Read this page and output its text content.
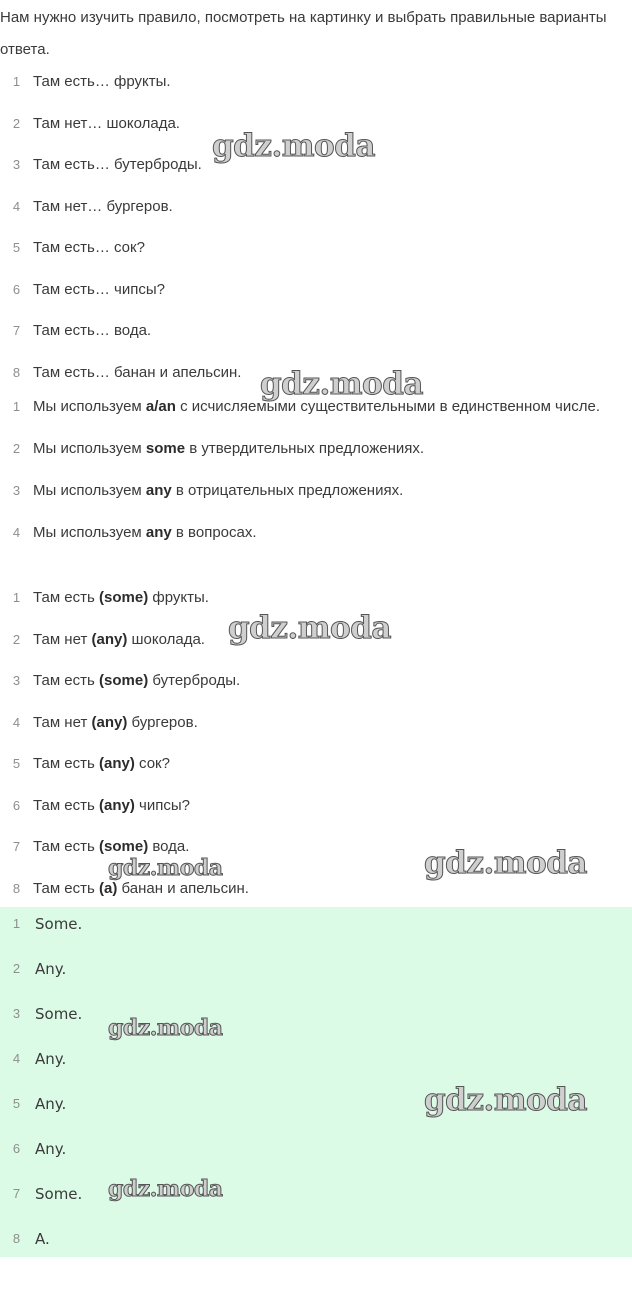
Нам нужно изучить правило, посмотреть на картинку и выбрать правильные варианты ответа.

1 Там есть… фрукты.
2 Там нет… шоколада.
3 Там есть… бутерброды.
4 Там нет… бургеров.
5 Там есть… сок?
6 Там есть… чипсы?
7 Там есть… вода.
8 Там есть… банан и апельсин.
1 Мы используем a/an с исчисляемыми существительными в единственном числе.
2 Мы используем some в утвердительных предложениях.
3 Мы используем any в отрицательных предложениях.
4 Мы используем any в вопросах.
1 Там есть (some) фрукты.
2 Там нет (any) шоколада.
3 Там есть (some) бутерброды.
4 Там нет (any) бургеров.
5 Там есть (any) сок?
6 Там есть (any) чипсы?
7 Там есть (some) вода.
8 Там есть (a) банан и апельсин.
1 Some.
2 Any.
3 Some.
4 Any.
5 Any.
6 Any.
7 Some.
8 A.
gdz.moda
gdz.moda
gdz.moda
gdz.moda
gdz.moda
gdz.moda
gdz.moda
gdz.moda
